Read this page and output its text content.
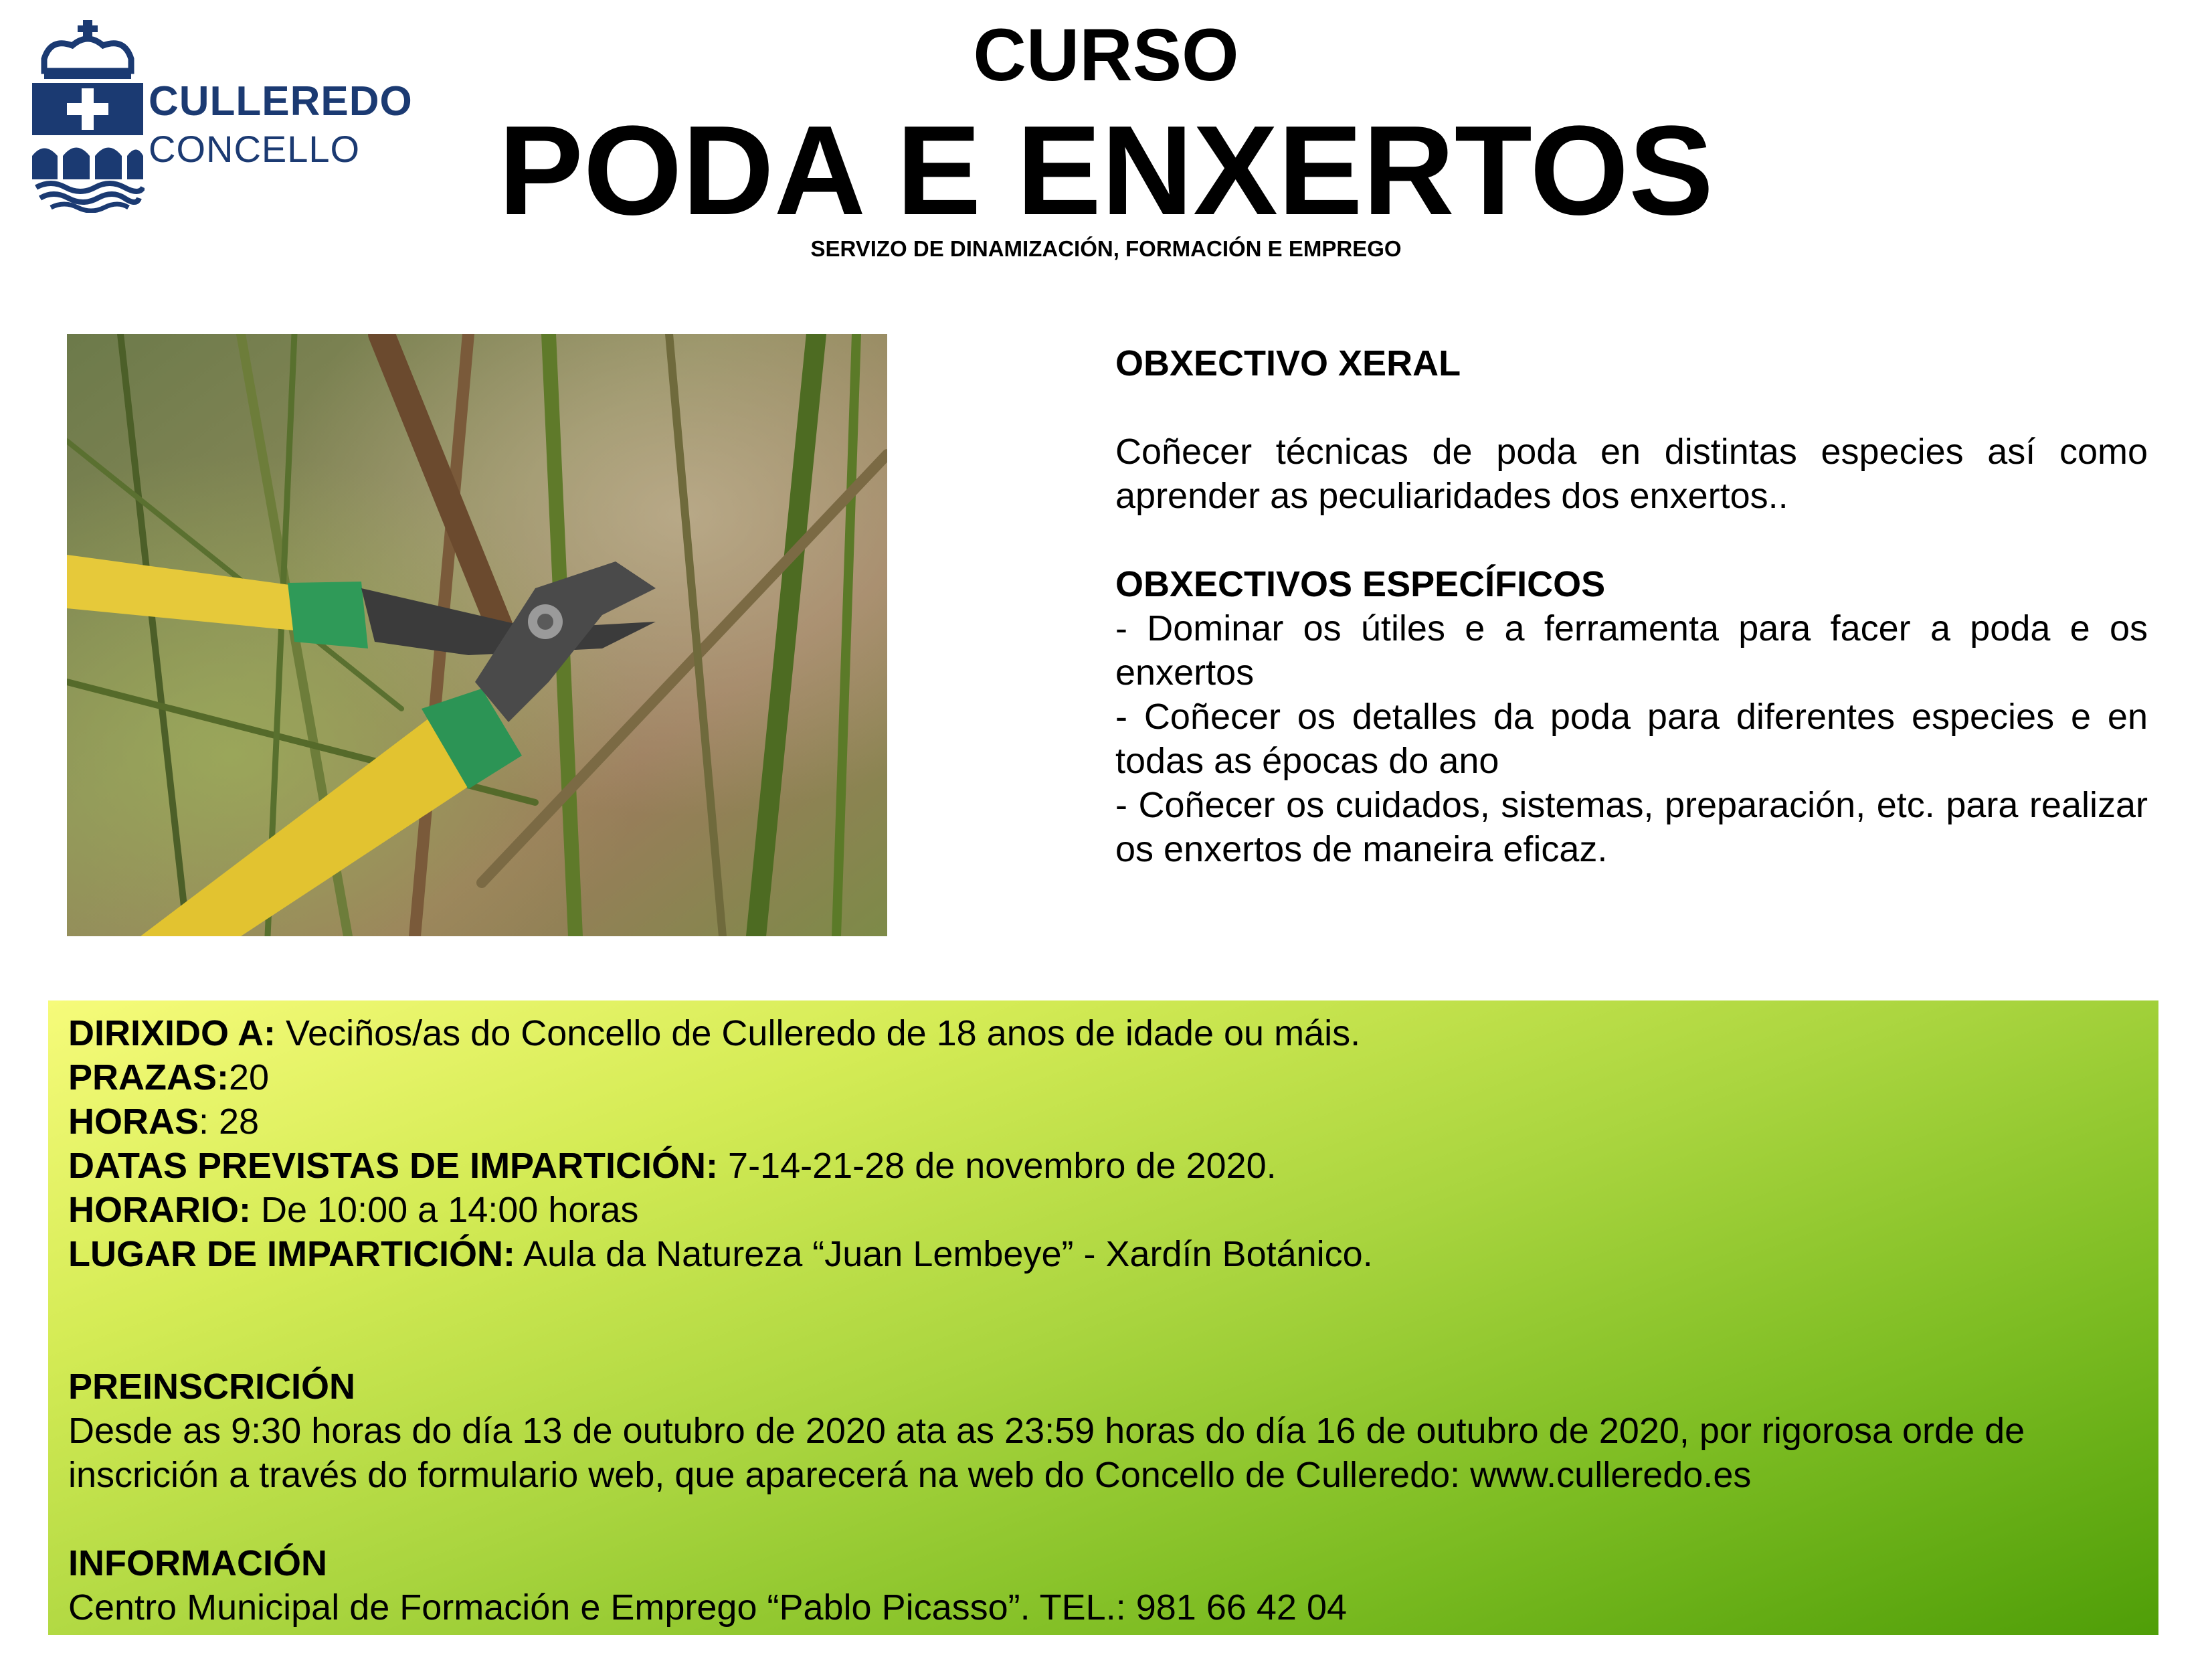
CULLEREDO
CONCELLO
CURSO
PODA E ENXERTOS
SERVIZO DE DINAMIZACIÓN, FORMACIÓN E EMPREGO

OBXECTIVO XERAL

Coñecer técnicas de poda en distintas especies así como aprender as peculiaridades dos enxertos..

OBXECTIVOS ESPECÍFICOS

- Dominar os útiles e a ferramenta para facer a poda e os enxertos

- Coñecer os detalles da poda para diferentes especies e en todas as épocas do ano

- Coñecer os cuidados, sistemas, preparación, etc. para realizar os enxertos de maneira eficaz.

DIRIXIDO A: Veciños/as do Concello de Culleredo de 18 anos de idade ou máis.
PRAZAS:20
HORAS: 28
DATAS PREVISTAS DE IMPARTICIÓN: 7-14-21-28 de novembro de 2020.
HORARIO: De 10:00 a 14:00 horas
LUGAR DE IMPARTICIÓN: Aula da Natureza “Juan Lembeye” - Xardín Botánico.
PREINSCRICIÓN
Desde as 9:30 horas do día 13 de outubro de 2020 ata as 23:59 horas do día 16 de outubro de 2020, por rigorosa orde de inscrición a través do formulario web, que aparecerá na web do Concello de Culleredo: www.culleredo.es
INFORMACIÓN
Centro Municipal de Formación e Emprego “Pablo Picasso”. TEL.: 981 66 42 04
